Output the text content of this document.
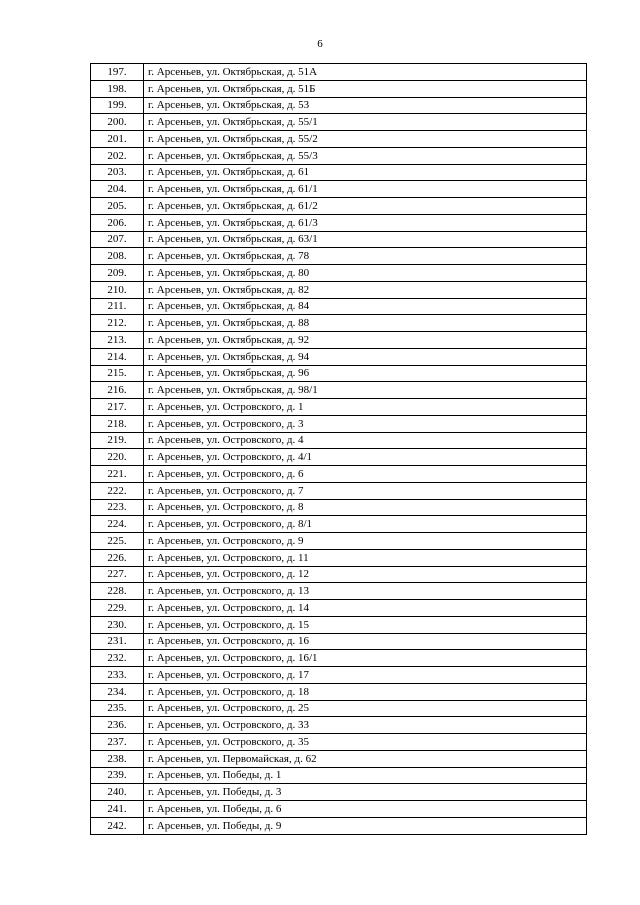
6
197.	г. Арсеньев, ул. Октябрьская, д. 51А
198.	г. Арсеньев, ул. Октябрьская, д. 51Б
199.	г. Арсеньев, ул. Октябрьская, д. 53
200.	г. Арсеньев, ул. Октябрьская, д. 55/1
201.	г. Арсеньев, ул. Октябрьская, д. 55/2
202.	г. Арсеньев, ул. Октябрьская, д. 55/3
203.	г. Арсеньев, ул. Октябрьская, д. 61
204.	г. Арсеньев, ул. Октябрьская, д. 61/1
205.	г. Арсеньев, ул. Октябрьская, д. 61/2
206.	г. Арсеньев, ул. Октябрьская, д. 61/3
207.	г. Арсеньев, ул. Октябрьская, д. 63/1
208.	г. Арсеньев, ул. Октябрьская, д. 78
209.	г. Арсеньев, ул. Октябрьская, д. 80
210.	г. Арсеньев, ул. Октябрьская, д. 82
211.	г. Арсеньев, ул. Октябрьская, д. 84
212.	г. Арсеньев, ул. Октябрьская, д. 88
213.	г. Арсеньев, ул. Октябрьская, д. 92
214.	г. Арсеньев, ул. Октябрьская, д. 94
215.	г. Арсеньев, ул. Октябрьская, д. 96
216.	г. Арсеньев, ул. Октябрьская, д. 98/1
217.	г. Арсеньев, ул. Островского, д. 1
218.	г. Арсеньев, ул. Островского, д. 3
219.	г. Арсеньев, ул. Островского, д. 4
220.	г. Арсеньев, ул. Островского, д. 4/1
221.	г. Арсеньев, ул. Островского, д. 6
222.	г. Арсеньев, ул. Островского, д. 7
223.	г. Арсеньев, ул. Островского, д. 8
224.	г. Арсеньев, ул. Островского, д. 8/1
225.	г. Арсеньев, ул. Островского, д. 9
226.	г. Арсеньев, ул. Островского, д. 11
227.	г. Арсеньев, ул. Островского, д. 12
228.	г. Арсеньев, ул. Островского, д. 13
229.	г. Арсеньев, ул. Островского, д. 14
230.	г. Арсеньев, ул. Островского, д. 15
231.	г. Арсеньев, ул. Островского, д. 16
232.	г. Арсеньев, ул. Островского, д. 16/1
233.	г. Арсеньев, ул. Островского, д. 17
234.	г. Арсеньев, ул. Островского, д. 18
235.	г. Арсеньев, ул. Островского, д. 25
236.	г. Арсеньев, ул. Островского, д. 33
237.	г. Арсеньев, ул. Островского, д. 35
238.	г. Арсеньев, ул. Первомайская, д. 62
239.	г. Арсеньев, ул. Победы, д. 1
240.	г. Арсеньев, ул. Победы, д. 3
241.	г. Арсеньев, ул. Победы, д. 6
242.	г. Арсеньев, ул. Победы, д. 9
